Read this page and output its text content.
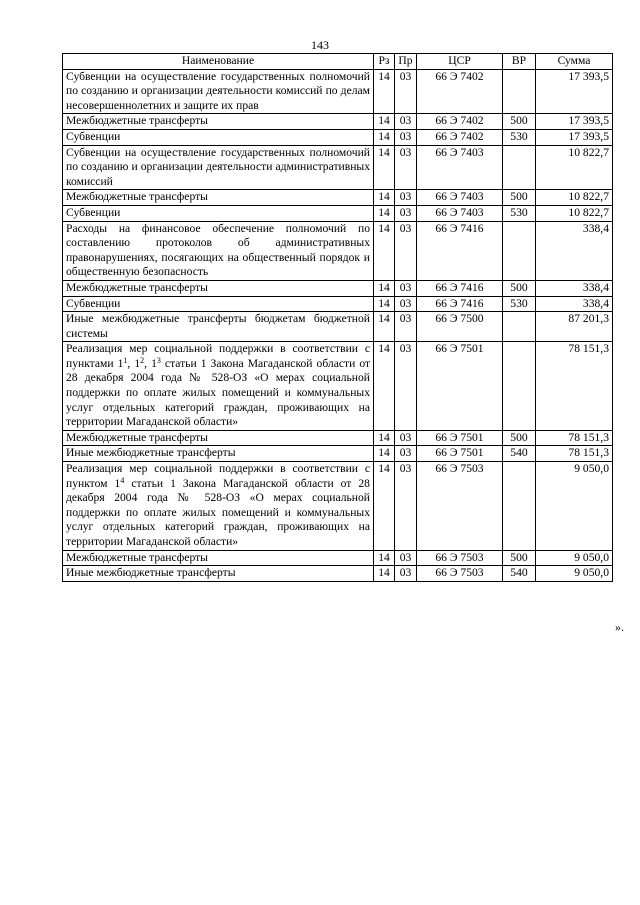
143
Наименование	Рз	Пр	ЦСР	ВР	Сумма
Субвенции на осуществление государственных полномочий по созданию и организации деятельности комиссий по делам несовершеннолетних и защите их прав	14	03	66 Э 7402		17 393,5
Межбюджетные трансферты	14	03	66 Э 7402	500	17 393,5
Субвенции	14	03	66 Э 7402	530	17 393,5
Субвенции на осуществление государственных полномочий по созданию и организации деятельности административных комиссий	14	03	66 Э 7403		10 822,7
Межбюджетные трансферты	14	03	66 Э 7403	500	10 822,7
Субвенции	14	03	66 Э 7403	530	10 822,7
Расходы на финансовое обеспечение полномочий по составлению протоколов об административных правонарушениях, посягающих на общественный порядок и общественную безопасность	14	03	66 Э 7416		338,4
Межбюджетные трансферты	14	03	66 Э 7416	500	338,4
Субвенции	14	03	66 Э 7416	530	338,4
Иные межбюджетные трансферты бюджетам бюджетной системы	14	03	66 Э 7500		87 201,3
Реализация мер социальной поддержки в соответствии с пунктами $1^1$, $1^2$, $1^3$ статьи 1 Закона Магаданской области от 28 декабря 2004 года № 528-ОЗ «О мерах социальной поддержки по оплате жилых помещений и коммунальных услуг отдельных категорий граждан, проживающих на территории Магаданской области»	14	03	66 Э 7501		78 151,3
Межбюджетные трансферты	14	03	66 Э 7501	500	78 151,3
Иные межбюджетные трансферты	14	03	66 Э 7501	540	78 151,3
Реализация мер социальной поддержки в соответствии с пунктом $1^4$ статьи 1 Закона Магаданской области от 28 декабря 2004 года № 528-ОЗ «О мерах социальной поддержки по оплате жилых помещений и коммунальных услуг отдельных категорий граждан, проживающих на территории Магаданской области»	14	03	66 Э 7503		9 050,0
Межбюджетные трансферты	14	03	66 Э 7503	500	9 050,0
Иные межбюджетные трансферты	14	03	66 Э 7503	540	9 050,0
».
